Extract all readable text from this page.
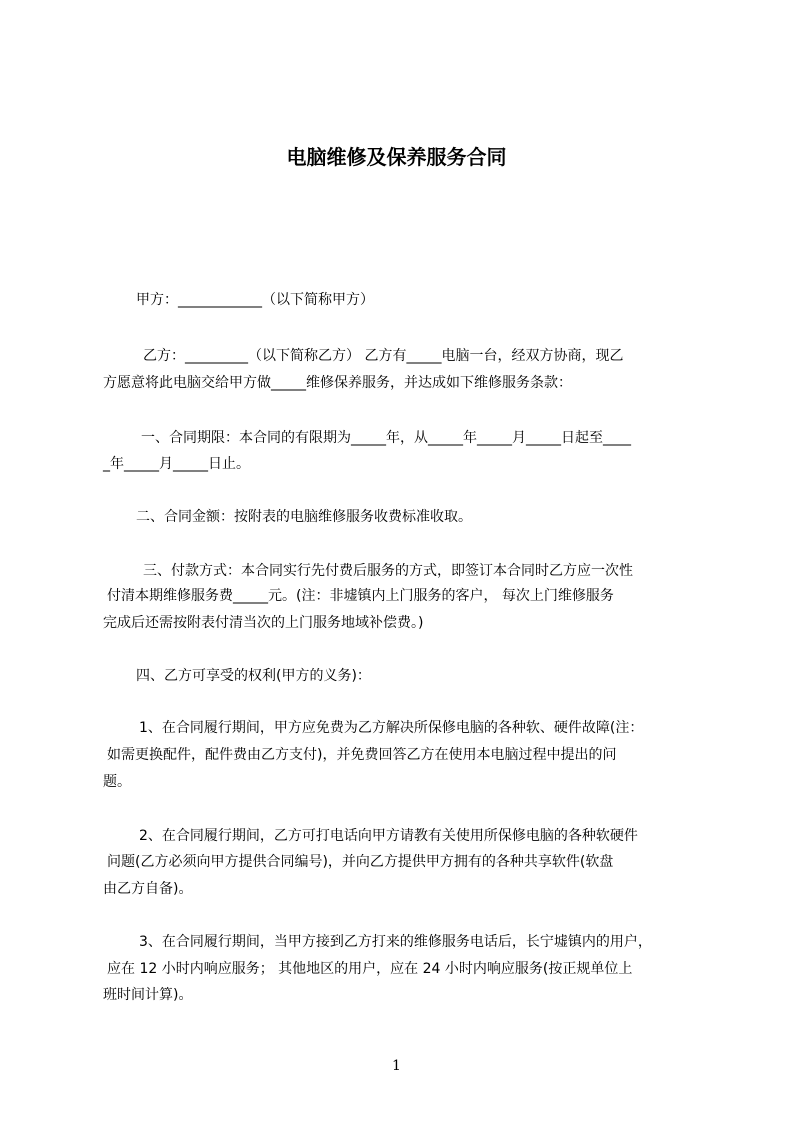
电脑维修及保养服务合同
甲方：____________（以下简称甲方）
乙方：_________（以下简称乙方） 乙方有_____电脑一台，经双方协商，现乙
方愿意将此电脑交给甲方做_____维修保养服务，并达成如下维修服务条款：
一、合同期限：本合同的有限期为_____年，从_____年_____月_____日起至____
_年_____月_____日止。
二、合同金额：按附表的电脑维修服务收费标准收取。
三、付款方式：本合同实行先付费后服务的方式，即签订本合同时乙方应一次性
付清本期维修服务费_____元。(注：非墟镇内上门服务的客户， 每次上门维修服务
完成后还需按附表付清当次的上门服务地域补偿费。)
四、乙方可享受的权利(甲方的义务)：
1、在合同履行期间，甲方应免费为乙方解决所保修电脑的各种软、硬件故障(注：
如需更换配件，配件费由乙方支付)，并免费回答乙方在使用本电脑过程中提出的问
题。
2、在合同履行期间，乙方可打电话向甲方请教有关使用所保修电脑的各种软硬件
问题(乙方必须向甲方提供合同编号)，并向乙方提供甲方拥有的各种共享软件(软盘
由乙方自备)。
3、在合同履行期间，当甲方接到乙方打来的维修服务电话后，长宁墟镇内的用户，
应在 12 小时内响应服务； 其他地区的用户，应在 24 小时内响应服务(按正规单位上
班时间计算)。
1
